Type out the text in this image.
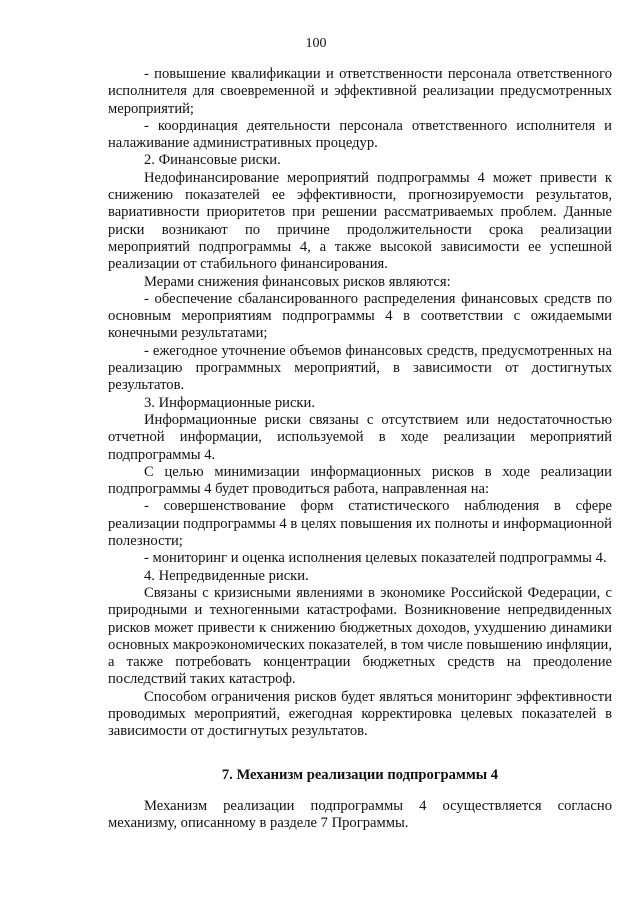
100

- повышение квалификации и ответственности персонала ответственного исполнителя для своевременной и эффективной реализации предусмотренных мероприятий;

- координация деятельности персонала ответственного исполнителя и налаживание административных процедур.

2. Финансовые риски.

Недофинансирование мероприятий подпрограммы 4 может привести к снижению показателей ее эффективности, прогнозируемости результатов, вариативности приоритетов при решении рассматриваемых проблем. Данные риски возникают по причине продолжительности срока реализации мероприятий подпрограммы 4, а также высокой зависимости ее успешной реализации от стабильного финансирования.

Мерами снижения финансовых рисков являются:

- обеспечение сбалансированного распределения финансовых средств по основным мероприятиям подпрограммы 4 в соответствии с ожидаемыми конечными результатами;

- ежегодное уточнение объемов финансовых средств, предусмотренных на реализацию программных мероприятий, в зависимости от достигнутых результатов.

3. Информационные риски.

Информационные риски связаны с отсутствием или недостаточностью отчетной информации, используемой в ходе реализации мероприятий подпрограммы 4.

С целью минимизации информационных рисков в ходе реализации подпрограммы 4 будет проводиться работа, направленная на:

- совершенствование форм статистического наблюдения в сфере реализации подпрограммы 4 в целях повышения их полноты и информационной полезности;

- мониторинг и оценка исполнения целевых показателей подпрограммы 4.

4. Непредвиденные риски.

Связаны с кризисными явлениями в экономике Российской Федерации, с природными и техногенными катастрофами. Возникновение непредвиденных рисков может привести к снижению бюджетных доходов, ухудшению динамики основных макроэкономических показателей, в том числе повышению инфляции, а также потребовать концентрации бюджетных средств на преодоление последствий таких катастроф.

Способом ограничения рисков будет являться мониторинг эффективности проводимых мероприятий, ежегодная корректировка целевых показателей в зависимости от достигнутых результатов.

7. Механизм реализации подпрограммы 4

Механизм реализации подпрограммы 4 осуществляется согласно механизму, описанному в разделе 7 Программы.
